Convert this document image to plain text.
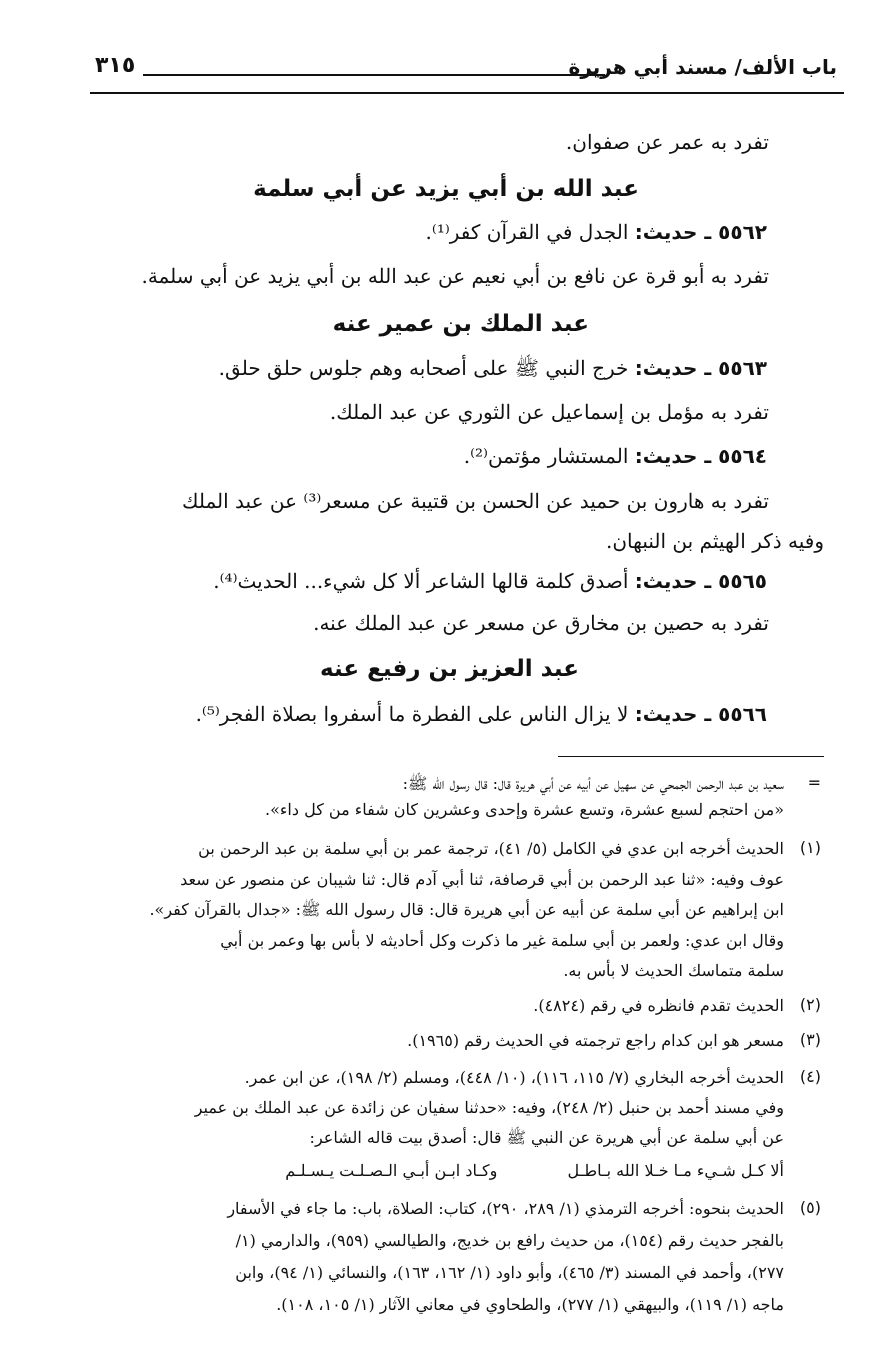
باب الألف/ مسند أبي هريرة
٣١٥
تفرد به عمر عن صفوان.
عبد الله بن أبي يزيد عن أبي سلمة
٥٥٦٢ ـ حديث: الجدل في القرآن كفر⁽¹⁾.
تفرد به أبو قرة عن نافع بن أبي نعيم عن عبد الله بن أبي يزيد عن أبي سلمة.
عبد الملك بن عمير عنه
٥٥٦٣ ـ حديث: خرج النبي ﷺ على أصحابه وهم جلوس حلق حلق.
تفرد به مؤمل بن إسماعيل عن الثوري عن عبد الملك.
٥٥٦٤ ـ حديث: المستشار مؤتمن⁽²⁾.
تفرد به هارون بن حميد عن الحسن بن قتيبة عن مسعر⁽³⁾ عن عبد الملك
وفيه ذكر الهيثم بن النبهان.
٥٥٦٥ ـ حديث: أصدق كلمة قالها الشاعر ألا كل شيء... الحديث⁽⁴⁾.
تفرد به حصين بن مخارق عن مسعر عن عبد الملك عنه.
عبد العزيز بن رفيع عنه
٥٥٦٦ ـ حديث: لا يزال الناس على الفطرة ما أسفروا بصلاة الفجر⁽⁵⁾.
=
سعيد بن عبد الرحمن الجمحي عن سهيل عن أبيه عن أبي هريرة قال: قال رسول الله ﷺ:
«من احتجم لسبع عشرة، وتسع عشرة وإحدى وعشرين كان شفاء من كل داء».
(١)
الحديث أخرجه ابن عدي في الكامل (٥/ ٤١)، ترجمة عمر بن أبي سلمة بن عبد الرحمن بن
عوف وفيه: «ثنا عبد الرحمن بن أبي قرصافة، ثنا أبي آدم قال: ثنا شيبان عن منصور عن سعد
ابن إبراهيم عن أبي سلمة عن أبيه عن أبي هريرة قال: قال رسول الله ﷺ: «جدال بالقرآن كفر».
وقال ابن عدي: ولعمر بن أبي سلمة غير ما ذكرت وكل أحاديثه لا بأس بها وعمر بن أبي
سلمة متماسك الحديث لا بأس به.
(٢)
الحديث تقدم فانظره في رقم (٤٨٢٤).
(٣)
مسعر هو ابن كدام راجع ترجمته في الحديث رقم (١٩٦٥).
(٤)
الحديث أخرجه البخاري (٧/ ١١٥، ١١٦)، (١٠/ ٤٤٨)، ومسلم (٢/ ١٩٨)، عن ابن عمر.
وفي مسند أحمد بن حنبل (٢/ ٢٤٨)، وفيه: «حدثنا سفيان عن زائدة عن عبد الملك بن عمير
عن أبي سلمة عن أبي هريرة عن النبي ﷺ قال: أصدق بيت قاله الشاعر:
ألا كـل شـيء مـا خـلا الله بـاطـل  وكـاد ابـن أبـي الـصـلـت يـسـلـم
(٥)
الحديث بنحوه: أخرجه الترمذي (١/ ٢٨٩، ٢٩٠)، كتاب: الصلاة، باب: ما جاء في الأسفار
بالفجر حديث رقم (١٥٤)، من حديث رافع بن خديج، والطيالسي (٩٥٩)، والدارمي (١/
٢٧٧)، وأحمد في المسند (٣/ ٤٦٥)، وأبو داود (١/ ١٦٢، ١٦٣)، والنسائي (١/ ٩٤)، وابن
ماجه (١/ ١١٩)، والبيهقي (١/ ٢٧٧)، والطحاوي في معاني الآثار (١/ ١٠٥، ١٠٨).
